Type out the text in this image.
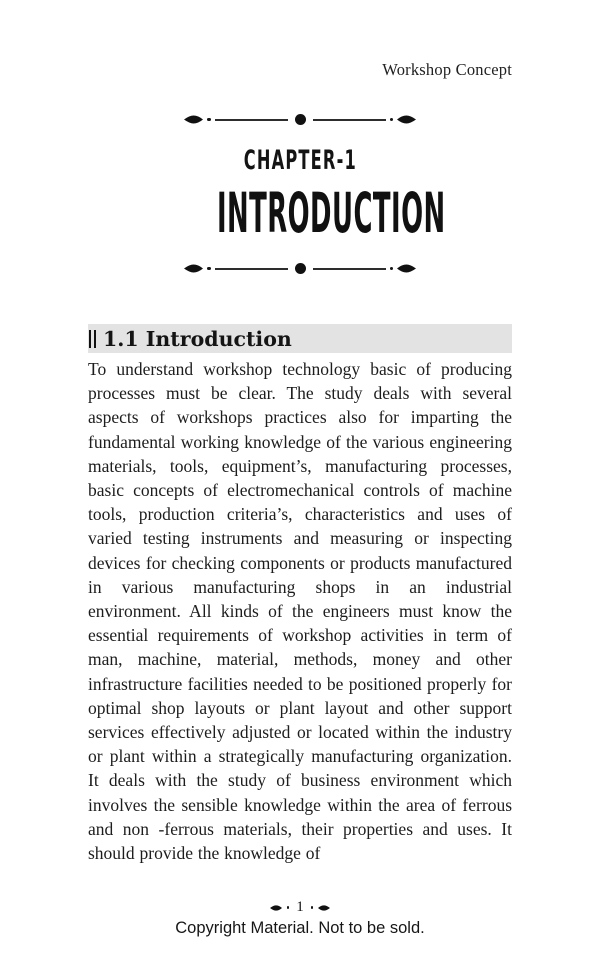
Workshop Concept
CHAPTER-1
INTRODUCTION
1.1 Introduction
To understand workshop technology basic of producing processes must be clear. The study deals with several aspects of workshops practices also for imparting the fundamental working knowledge of the various engineering materials, tools, equipment’s, manufacturing processes, basic concepts of electromechanical controls of machine tools, production criteria’s, characteristics and uses of varied testing instruments and measuring or inspecting devices for checking components or products manufactured in various manufacturing shops in an industrial environment. All kinds of the engineers must know the essential requirements of workshop activities in term of man, machine, material, methods, money and other infrastructure facilities needed to be positioned properly for optimal shop layouts or plant layout and other support services effectively adjusted or located within the industry or plant within a strategically manufacturing organization. It deals with the study of business environment which involves the sensible knowledge within the area of ferrous and non -ferrous materials, their properties and uses. It should provide the knowledge of
1
Copyright Material. Not to be sold.
